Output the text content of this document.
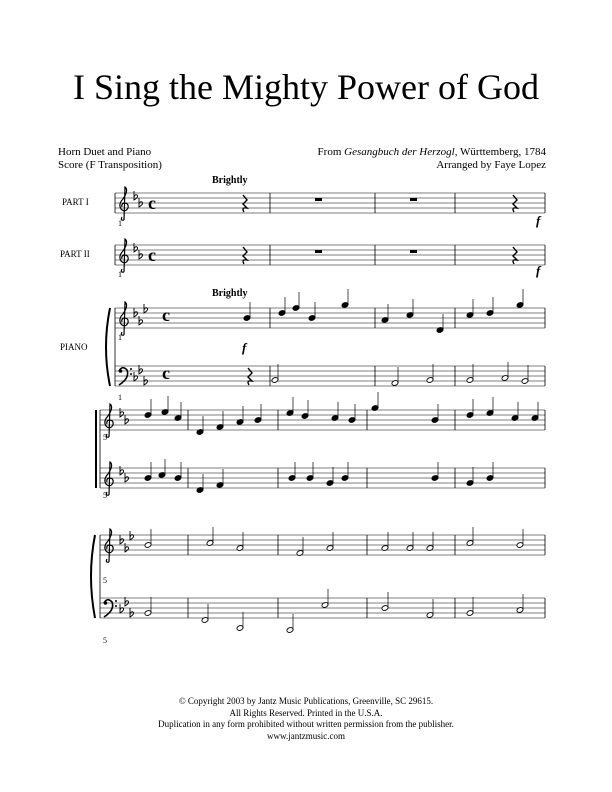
I Sing the Mighty Power of God
Horn Duet and Piano
Score (F Transposition)
From Gesangbuch der Herzogl, Württemberg, 1784
Arranged by Faye Lopez
PART I
PART II
PIANO
Brightly
Brightly
f
f
f
1
1
1
1
5
5
5
5
c
c
c
c
© Copyright 2003 by Jantz Music Publications, Greenville, SC 29615.
All Rights Reserved. Printed in the U.S.A.
Duplication in any form prohibited without written permission from the publisher.
www.jantzmusic.com
